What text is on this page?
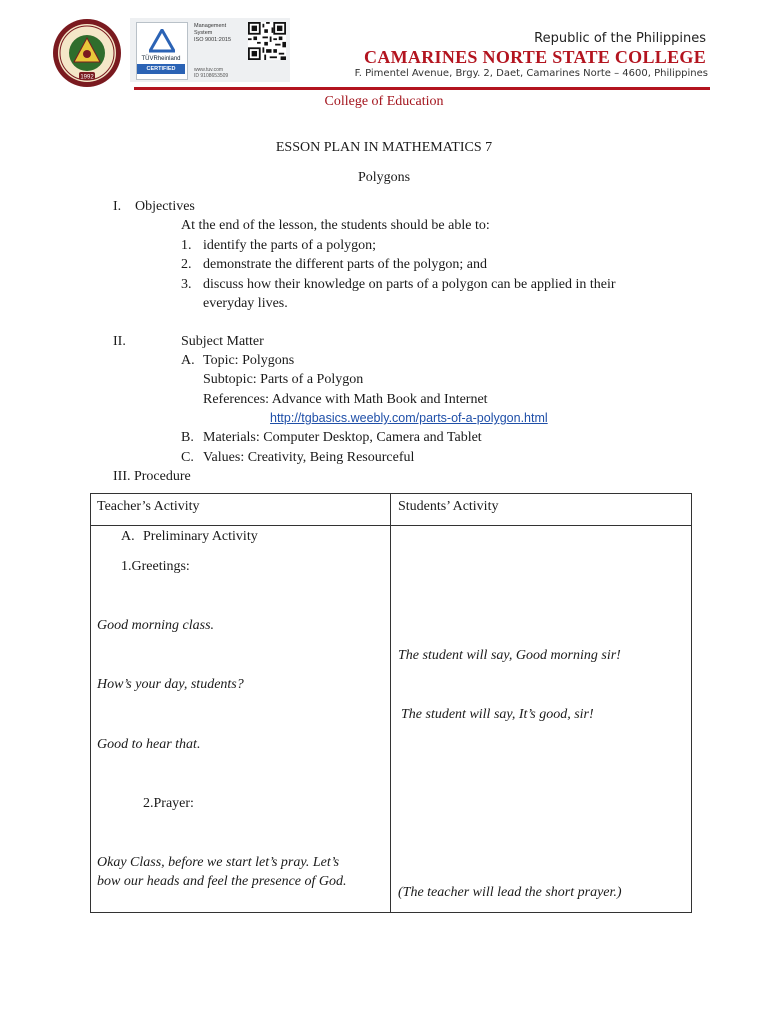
1992
TÜVRheinland
CERTIFIED
Management
System
ISO 9001:2015
www.tuv.com
ID 9108653509
Republic of the Philippines
CAMARINES NORTE STATE COLLEGE
F. Pimentel Avenue, Brgy. 2, Daet, Camarines Norte – 4600, Philippines
College of Education
ESSON PLAN IN MATHEMATICS 7
Polygons
I. Objectives
At the end of the lesson, the students should be able to:
1. identify the parts of a polygon;
2. demonstrate the different parts of the polygon; and
3. discuss how their knowledge on parts of a polygon can be applied in their
everyday lives.
II.	Subject Matter
A. Topic: Polygons
Subtopic: Parts of a Polygon
References: Advance with Math Book and Internet
http://tgbasics.weebly.com/parts-of-a-polygon.html
B. Materials: Computer Desktop, Camera and Tablet
C. Values: Creativity, Being Resourceful
III. Procedure
Teacher’s Activity	Students’ Activity
A. Preliminary Activity
1.Greetings:
Good morning class.
The student will say, Good morning sir!
How’s your day, students?
The student will say, It’s good, sir!
Good to hear that.
2.Prayer:
Okay Class, before we start let’s pray. Let’s
bow our heads and feel the presence of God.
(The teacher will lead the short prayer.)
